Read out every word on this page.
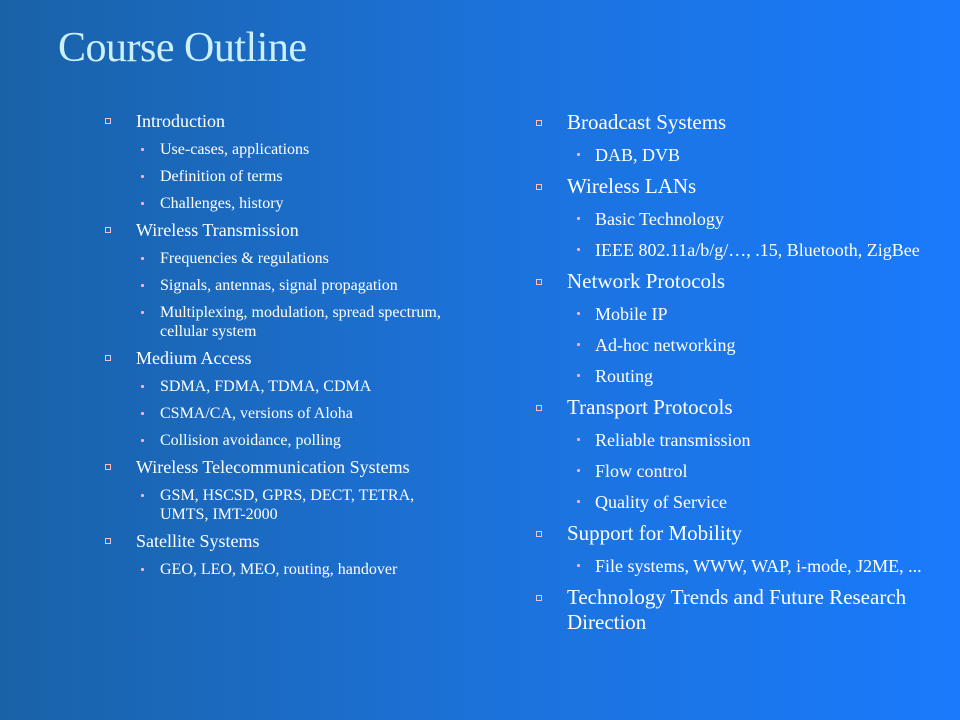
Course Outline
Introduction
Use-cases, applications
Definition of terms
Challenges, history
Wireless Transmission
Frequencies & regulations
Signals, antennas, signal propagation
Multiplexing, modulation, spread spectrum, cellular system
Medium Access
SDMA, FDMA, TDMA, CDMA
CSMA/CA, versions of Aloha
Collision avoidance, polling
Wireless Telecommunication Systems
GSM, HSCSD, GPRS, DECT, TETRA, UMTS, IMT-2000
Satellite Systems
GEO, LEO, MEO, routing, handover
Broadcast Systems
DAB, DVB
Wireless LANs
Basic Technology
IEEE 802.11a/b/g/…, .15, Bluetooth, ZigBee
Network Protocols
Mobile IP
Ad-hoc networking
Routing
Transport Protocols
Reliable transmission
Flow control
Quality of Service
Support for Mobility
File systems, WWW, WAP, i-mode, J2ME, ...
Technology Trends and Future Research Direction
